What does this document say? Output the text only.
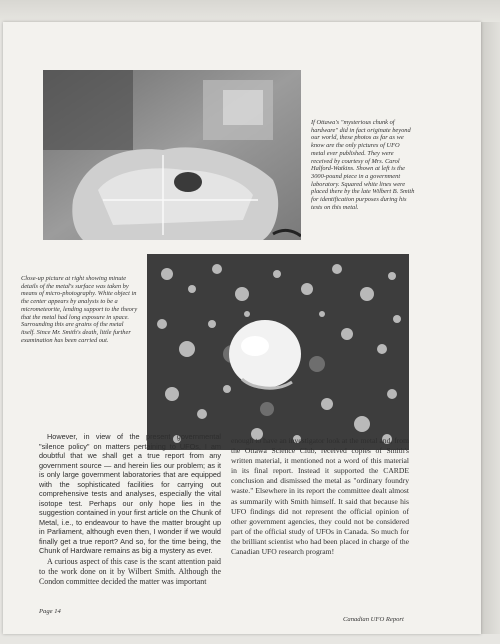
If Ottawa's "mysterious chunk of hardware" did in fact originate beyond our world, these photos as far as we know are the only pictures of UFO metal ever published. They were received by courtesy of Mrs. Carol Halford-Watkins. Shown at left is the 3000-pound piece in a government laboratory. Squared white lines were placed there by the late Wilbert B. Smith for identification purposes during his tests on this metal.

Close-up picture at right showing minute details of the metal's surface was taken by means of micro-photography. White object in the center appears by analysis to be a micrometeorite, lending support to the theory that the metal had long exposure in space. Surrounding this are grains of the metal itself. Since Mr. Smith's death, little further examination has been carried out.

However, in view of the present governmental "silence policy" on matters pertaining to UFOs, I am doubtful that we shall get a true report from any government source — and herein lies our problem; as it is only large government laboratories that are equipped with the sophisticated facilities for carrying out comprehensive tests and analyses, especially the vital isotope test. Perhaps our only hope lies in the suggestion contained in your first article on the Chunk of Metal, i.e., to endeavour to have the matter brought up in Parliament, although even then, I wonder if we would finally get a true report? And so, for the time being, the Chunk of Hardware remains as big a mystery as ever.

A curious aspect of this case is the scant attention paid to the work done on it by Wilbert Smith. Although the Condon committee decided the matter was important

enough to have an investigator look at the metal and, from the Ottawa Science Club, received copies of Smith's written material, it mentioned not a word of this material in its final report. Instead it supported the CARDE conclusion and dismissed the metal as "ordinary foundry waste." Elsewhere in its report the committee dealt almost as summarily with Smith himself. It said that because his UFO findings did not represent the official opinion of other government agencies, they could not be considered part of the official study of UFOs in Canada. So much for the brilliant scientist who had been placed in charge of the Canadian UFO research program!

Page 14

Canadian UFO Report
